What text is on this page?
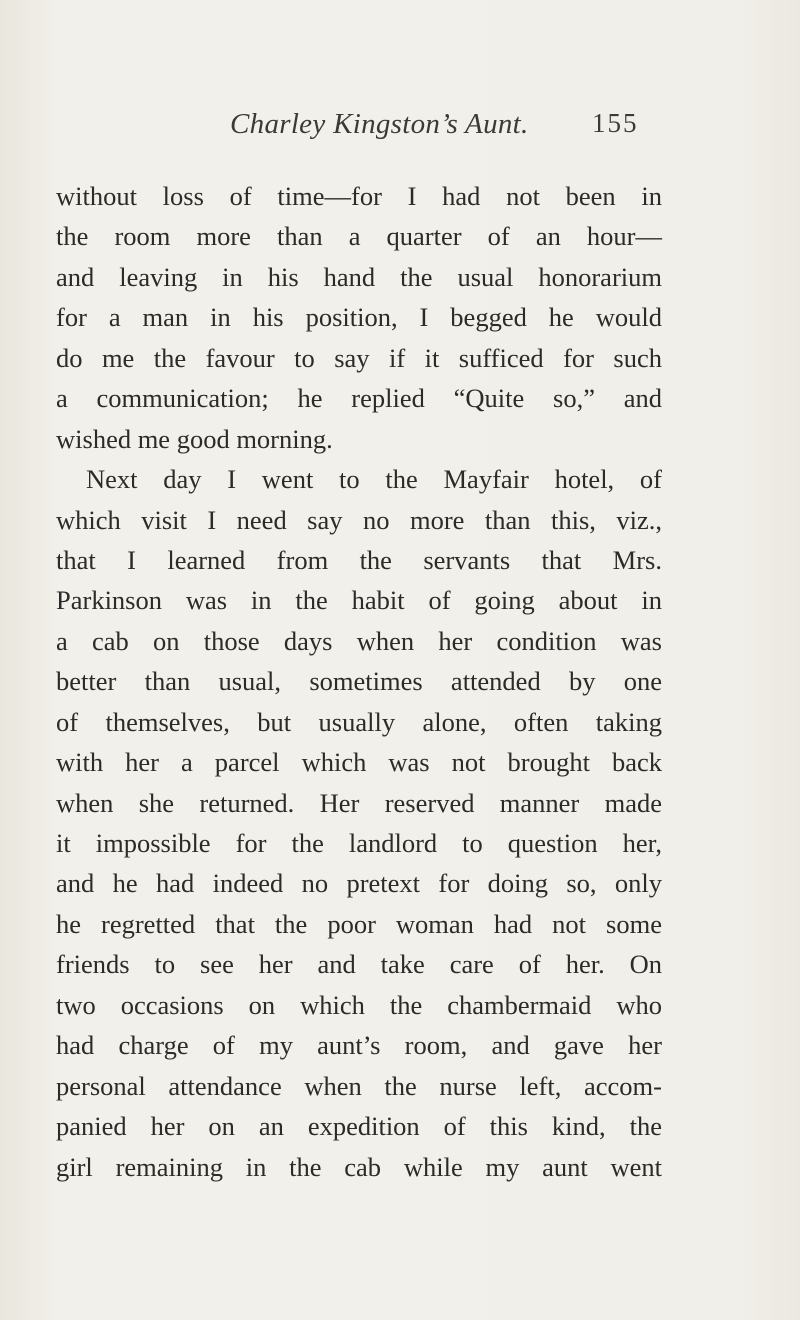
Charley Kingston’s Aunt. 155
without loss of time—for I had not been in
the room more than a quarter of an hour—
and leaving in his hand the usual honorarium
for a man in his position, I begged he would
do me the favour to say if it sufficed for such
a communication; he replied “Quite so,” and
wished me good morning.
Next day I went to the Mayfair hotel, of
which visit I need say no more than this, viz.,
that I learned from the servants that Mrs.
Parkinson was in the habit of going about in
a cab on those days when her condition was
better than usual, sometimes attended by one
of themselves, but usually alone, often taking
with her a parcel which was not brought back
when she returned. Her reserved manner made
it impossible for the landlord to question her,
and he had indeed no pretext for doing so, only
he regretted that the poor woman had not some
friends to see her and take care of her. On
two occasions on which the chambermaid who
had charge of my aunt’s room, and gave her
personal attendance when the nurse left, accom-
panied her on an expedition of this kind, the
girl remaining in the cab while my aunt went
